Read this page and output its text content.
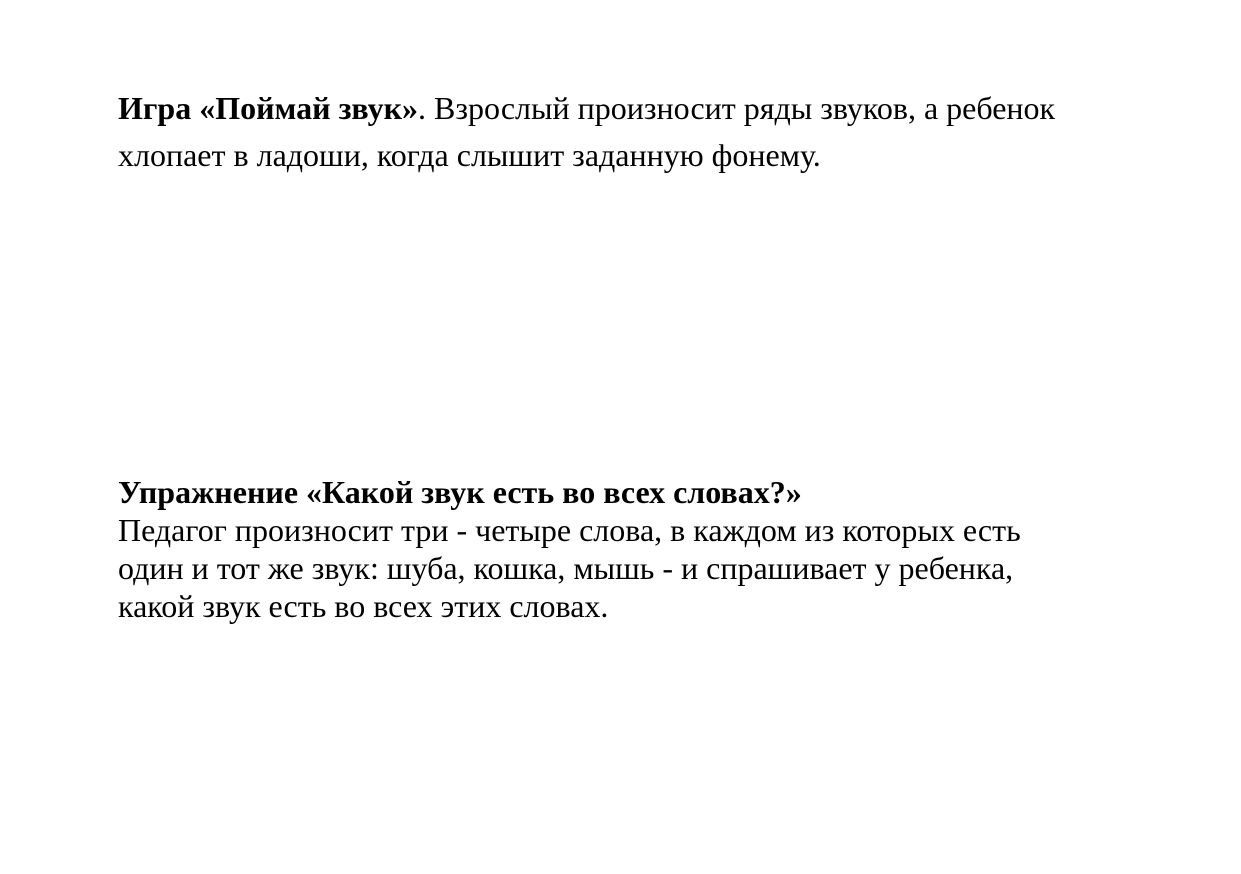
Игра «Поймай звук». Взрослый произносит ряды звуков, а ребенок
хлопает в ладоши, когда слышит заданную фонему.
Упражнение «Какой звук есть во всех словах?»
Педагог произносит три - четыре слова, в каждом из которых есть
один и тот же звук: шуба, кошка, мышь - и спрашивает у ребенка,
какой звук есть во всех этих словах.
